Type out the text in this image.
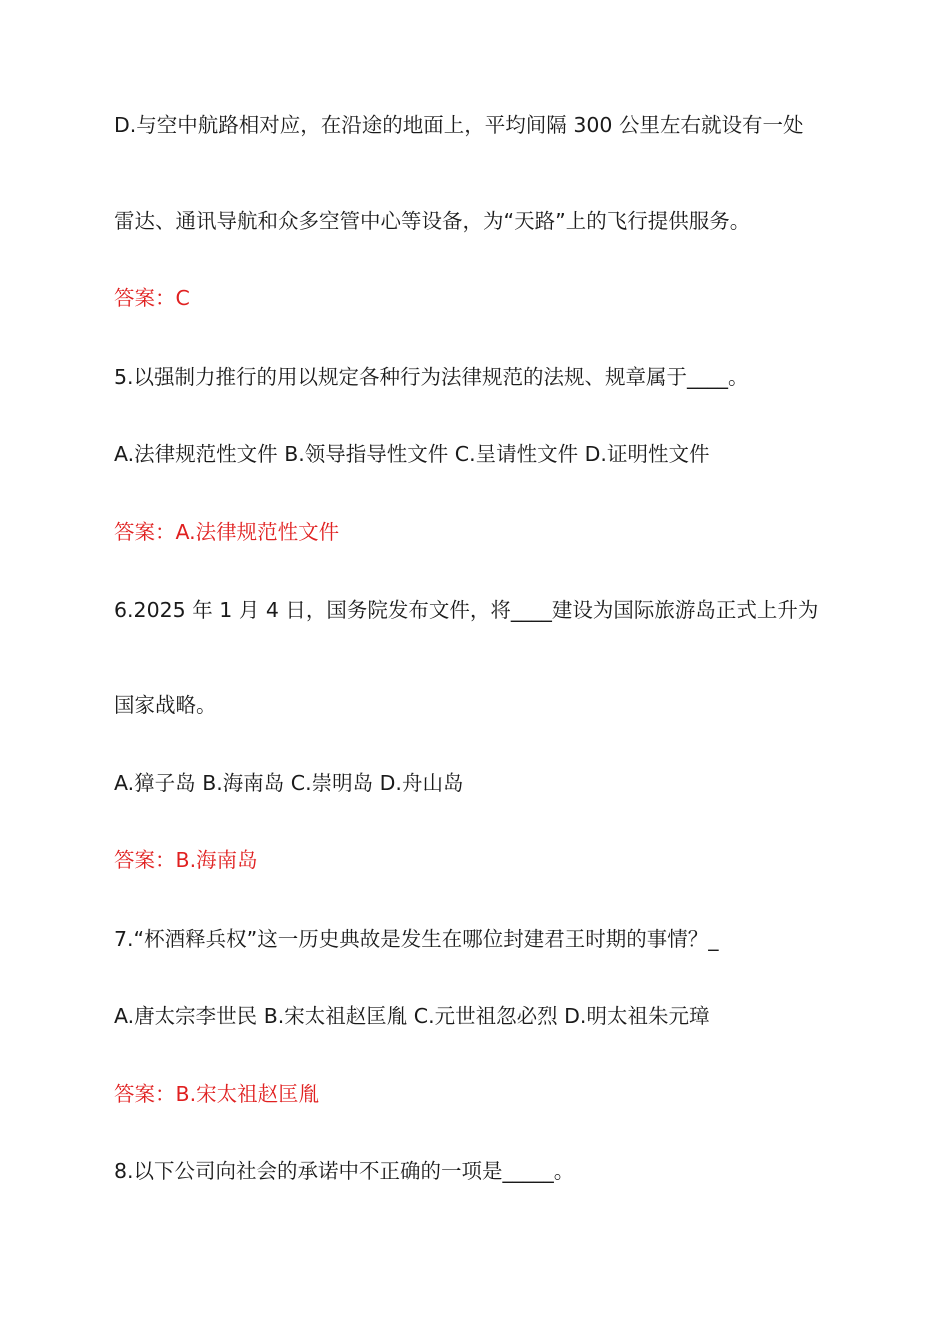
D.与空中航路相对应，在沿途的地面上，平均间隔 300 公里左右就设有一处
雷达、通讯导航和众多空管中心等设备，为“天路”上的飞行提供服务。
答案：C
5.以强制力推行的用以规定各种行为法律规范的法规、规章属于____。
A.法律规范性文件 B.领导指导性文件 C.呈请性文件 D.证明性文件
答案：A.法律规范性文件
6.2025 年 1 月 4 日，国务院发布文件，将____建设为国际旅游岛正式上升为
国家战略。
A.獐子岛 B.海南岛 C.崇明岛 D.舟山岛
答案：B.海南岛
7.“杯酒释兵权”这一历史典故是发生在哪位封建君王时期的事情？_
A.唐太宗李世民 B.宋太祖赵匡胤 C.元世祖忽必烈 D.明太祖朱元璋
答案：B.宋太祖赵匡胤
8.以下公司向社会的承诺中不正确的一项是_____。
